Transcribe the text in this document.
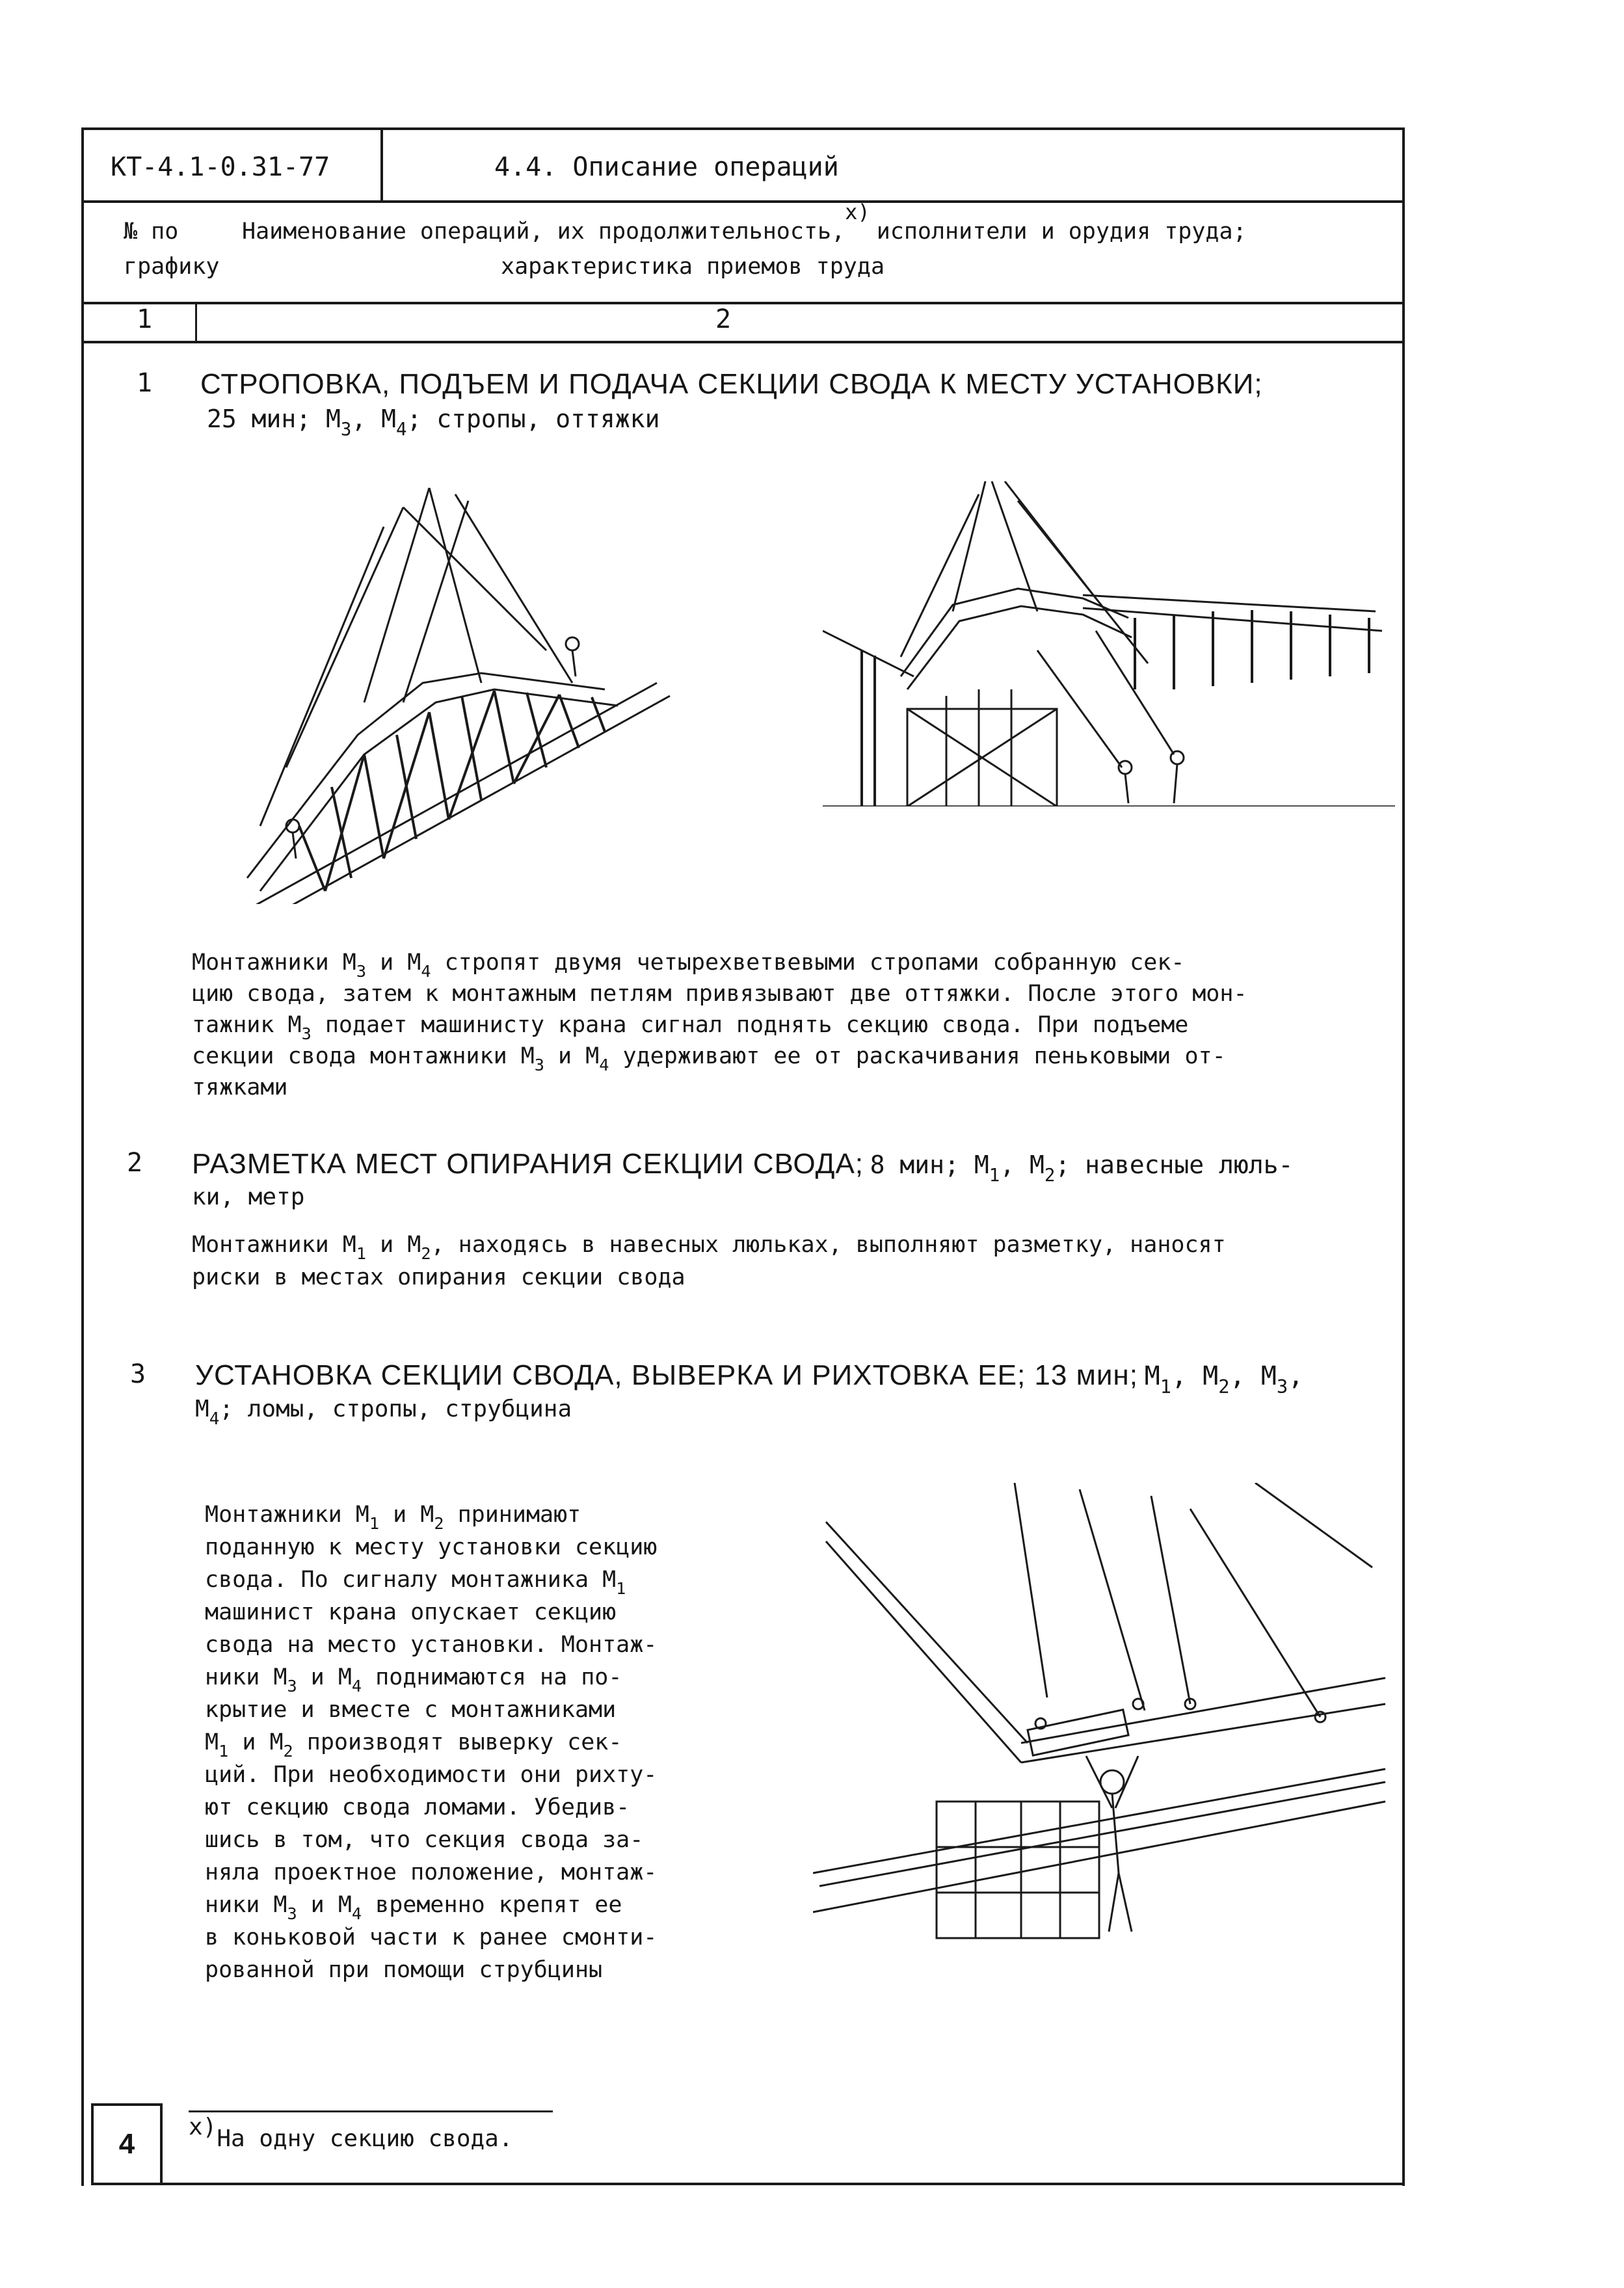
КТ-4.1-0.31-77	4.4. Описание операций
№ по
графику
Наименование операций, их продолжительность,x)исполнители и орудия труда;
характеристика приемов труда
1	2
1 СТРОПОВКА, ПОДЪЕМ И ПОДАЧА СЕКЦИИ СВОДА К МЕСТУ УСТАНОВКИ;
25 мин; $М_3$, $М_4$; стропы, оттяжки
Монтажники $М_3$ и $М_4$ стропят двумя четырехветвевыми стропами собранную сек-
цию свода, затем к монтажным петлям привязывают две оттяжки. После этого мон-
тажник $М_3$ подает машинисту крана сигнал поднять секцию свода. При подъеме
секции свода монтажники $М_3$ и $М_4$ удерживают ее от раскачивания пеньковыми от-
тяжками
2 РАЗМЕТКА МЕСТ ОПИРАНИЯ СЕКЦИИ СВОДА; 8 мин; $М_1$, $М_2$; навесные люль-
ки, метр
Монтажники $М_1$ и $М_2$, находясь в навесных люльках, выполняют разметку, наносят
риски в местах опирания секции свода
3 УСТАНОВКА СЕКЦИИ СВОДА, ВЫВЕРКА И РИХТОВКА ЕЕ; 13 мин; $М_1$, $М_2$, $М_3$,
$М_4$; ломы, стропы, струбцина
Монтажники $М_1$ и $М_2$ принимают
поданную к месту установки секцию
свода. По сигналу монтажника $М_1$
машинист крана опускает секцию
свода на место установки. Монтаж-
ники $М_3$ и $М_4$ поднимаются на по-
крытие и вместе с монтажниками
$М_1$ и $М_2$ производят выверку сек-
ций. При необходимости они рихту-
ют секцию свода ломами. Убедив-
шись в том, что секция свода за-
няла проектное положение, монтаж-
ники $М_3$ и $М_4$ временно крепят ее
в коньковой части к ранее смонти-
рованной при помощи струбцины
x)На одну секцию свода.
4
